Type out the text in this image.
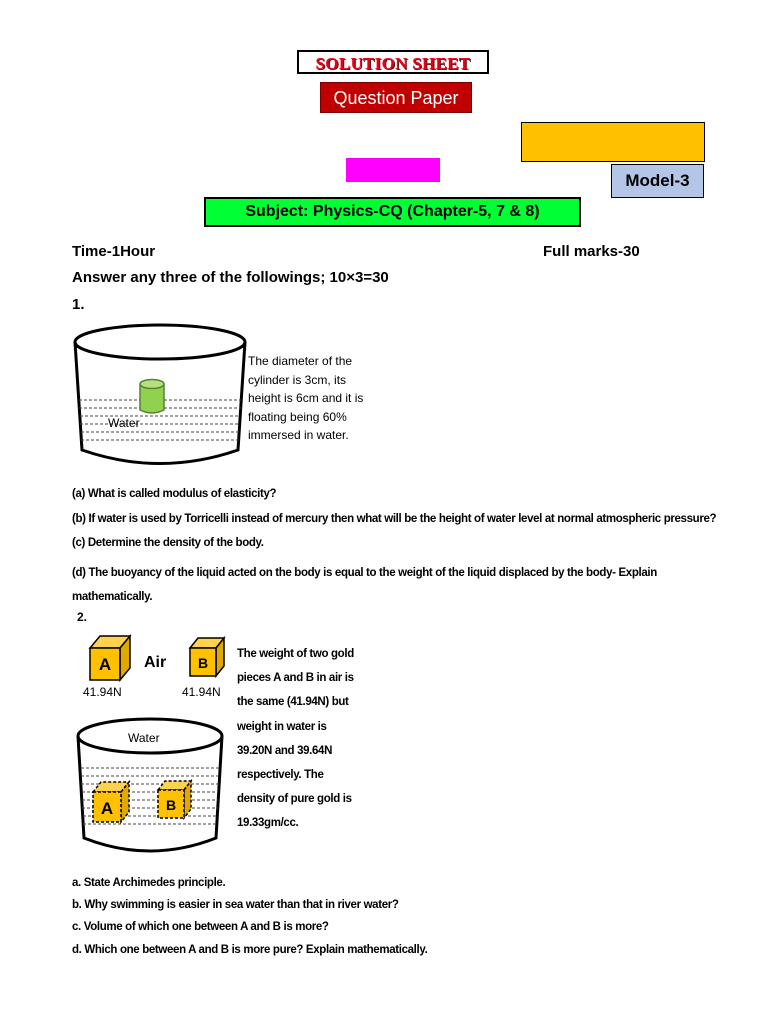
SOLUTION SHEET
Question Paper
Model-3
Subject: Physics-CQ (Chapter-5, 7 & 8)
Time-1Hour	Full marks-30
Answer any three of the followings; 10×3=30
1.
Water
The diameter of the cylinder is 3cm, its height is 6cm and it is floating being 60% immersed in water.
(a) What is called modulus of elasticity?
(b) If water is used by Torricelli instead of mercury then what will be the height of water level at normal atmospheric pressure?
(c) Determine the density of the body.
(d) The buoyancy of the liquid acted on the body is equal to the weight of the liquid displaced by the body- Explain mathematically.
2.
A Air B
41.94N	41.94N
Water
A	B
The weight of two gold pieces A and B in air is the same (41.94N) but weight in water is 39.20N and 39.64N respectively. The density of pure gold is 19.33gm/cc.
a. State Archimedes principle.
b. Why swimming is easier in sea water than that in river water?
c. Volume of which one between A and B is more?
d. Which one between A and B is more pure? Explain mathematically.
